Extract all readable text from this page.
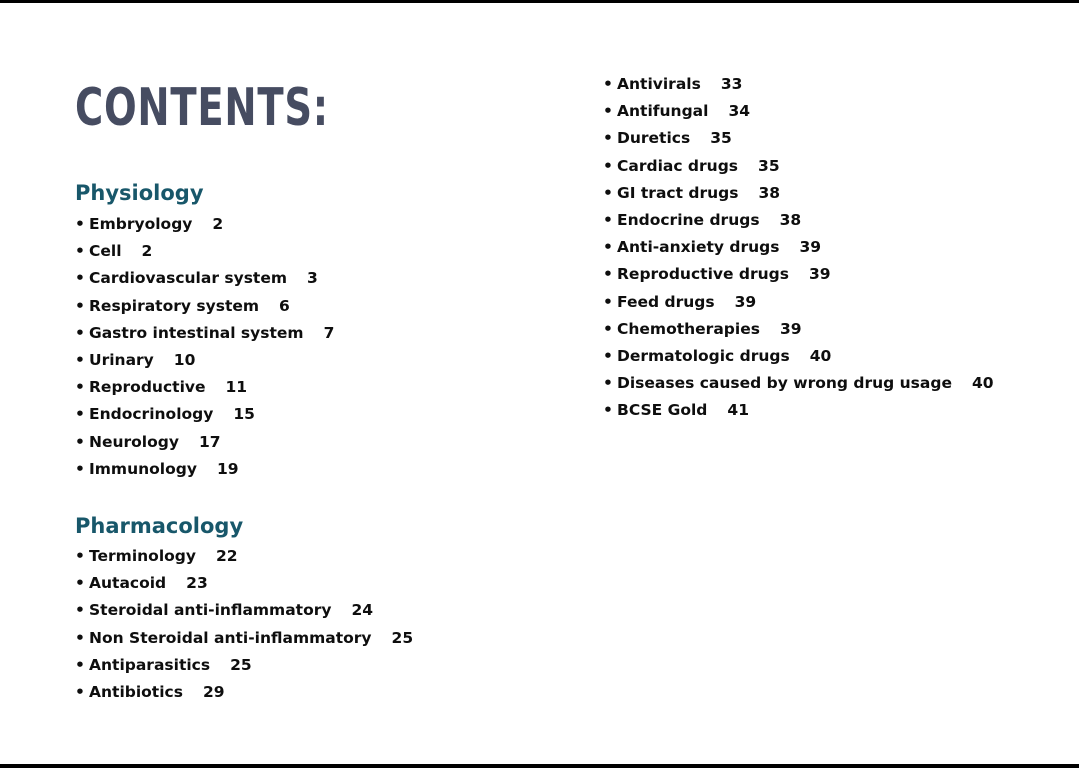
CONTENTS:
Physiology
• Embryology 2
• Cell 2
• Cardiovascular system 3
• Respiratory system 6
• Gastro intestinal system 7
• Urinary 10
• Reproductive 11
• Endocrinology 15
• Neurology 17
• Immunology 19
Pharmacology
• Terminology 22
• Autacoid 23
• Steroidal anti-inflammatory 24
• Non Steroidal anti-inflammatory 25
• Antiparasitics 25
• Antibiotics 29
• Antivirals 33
• Antifungal 34
• Duretics 35
• Cardiac drugs 35
• GI tract drugs 38
• Endocrine drugs 38
• Anti-anxiety drugs 39
• Reproductive drugs 39
• Feed drugs 39
• Chemotherapies 39
• Dermatologic drugs 40
• Diseases caused by wrong drug usage 40
• BCSE Gold 41
